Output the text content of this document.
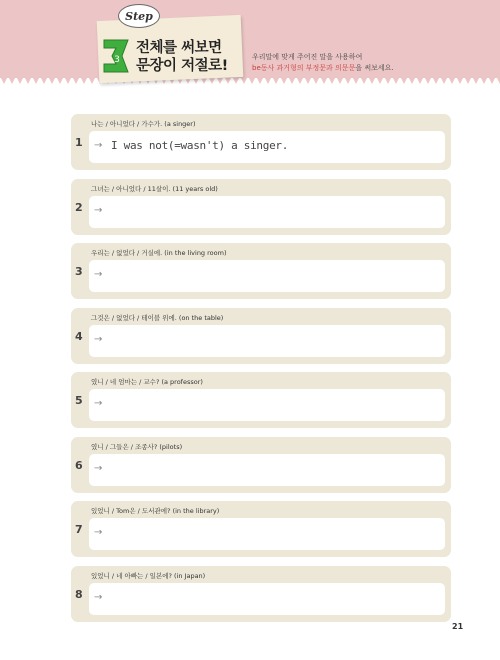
Step
3
전체를 써보면
문장이 저절로!
우리말에 맞게 주어진 말을 사용하여
be동사 과거형의 부정문과 의문문을 써보세요.
나는 / 아니었다 / 가수가. (a singer)
1 → I was not(=wasn't) a singer.
그녀는 / 아니었다 / 11살이. (11 years old)
2 →
우리는 / 없었다 / 거실에. (in the living room)
3 →
그것은 / 없었다 / 테이블 위에. (on the table)
4 →
였니 / 네 엄마는 / 교수? (a professor)
5 →
였니 / 그들은 / 조종사? (pilots)
6 →
있었니 / Tom은 / 도서관에? (in the library)
7 →
있었니 / 네 아빠는 / 일본에? (in Japan)
8 →
21
